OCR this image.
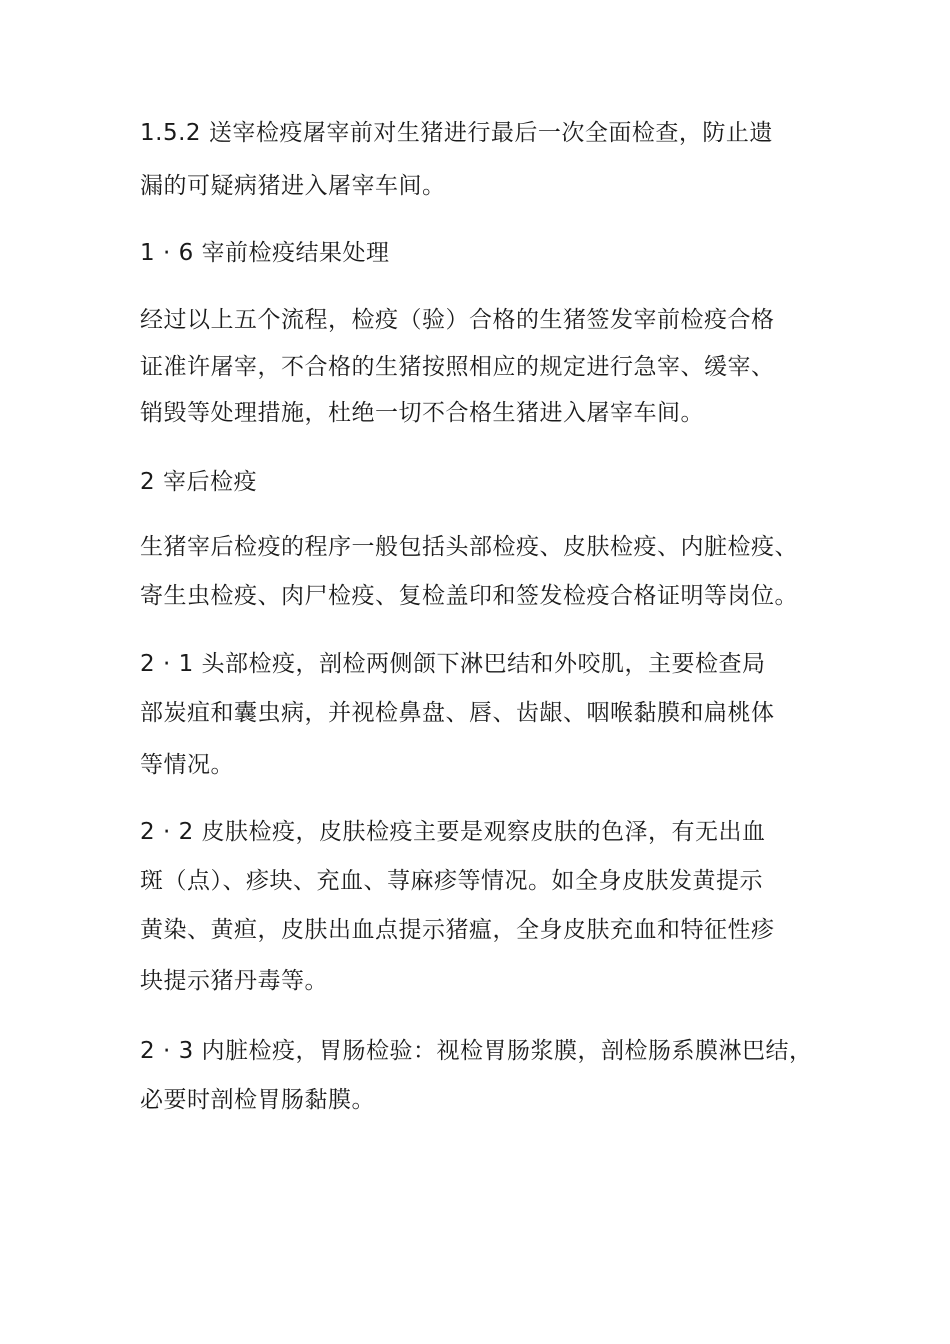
1.5.2 送宰检疫屠宰前对生猪进行最后一次全面检查，防止遗
漏的可疑病猪进入屠宰车间。
1 · 6 宰前检疫结果处理
经过以上五个流程，检疫（验）合格的生猪签发宰前检疫合格
证准许屠宰，不合格的生猪按照相应的规定进行急宰、缓宰、
销毁等处理措施，杜绝一切不合格生猪进入屠宰车间。
2 宰后检疫
生猪宰后检疫的程序一般包括头部检疫、皮肤检疫、内脏检疫、
寄生虫检疫、肉尸检疫、复检盖印和签发检疫合格证明等岗位。
2 · 1 头部检疫，剖检两侧颌下淋巴结和外咬肌，主要检查局
部炭疽和囊虫病，并视检鼻盘、唇、齿龈、咽喉黏膜和扁桃体
等情况。
2 · 2 皮肤检疫，皮肤检疫主要是观察皮肤的色泽，有无出血
斑（点）、疹块、充血、荨麻疹等情况。如全身皮肤发黄提示
黄染、黄疸，皮肤出血点提示猪瘟，全身皮肤充血和特征性疹
块提示猪丹毒等。
2 · 3 内脏检疫，胃肠检验：视检胃肠浆膜，剖检肠系膜淋巴结，
必要时剖检胃肠黏膜。
